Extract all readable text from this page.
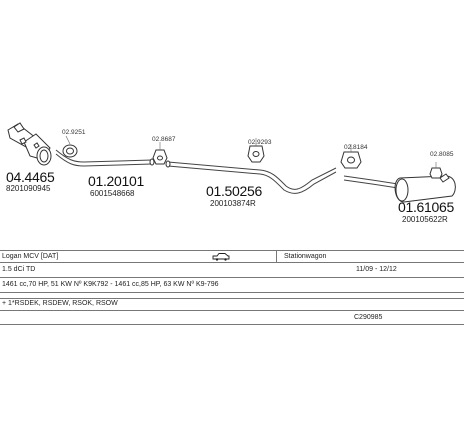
02.9251
02.8687	02.9293
02.8184
02.8085
04.4465
8201090945	01.20101
6001548668	01.50256
200103874R	01.61065
200105622R
Logan MCV [DAT]	Stationwagon
1.5 dCi TD	11/09 - 12/12
1461 cc,70 HP, 51 KW Nº K9K792 - 1461 cc,85 HP, 63 KW Nº K9-796
+ 1*RSDEK, RSDEW, RSOK, RSOW
C290985
